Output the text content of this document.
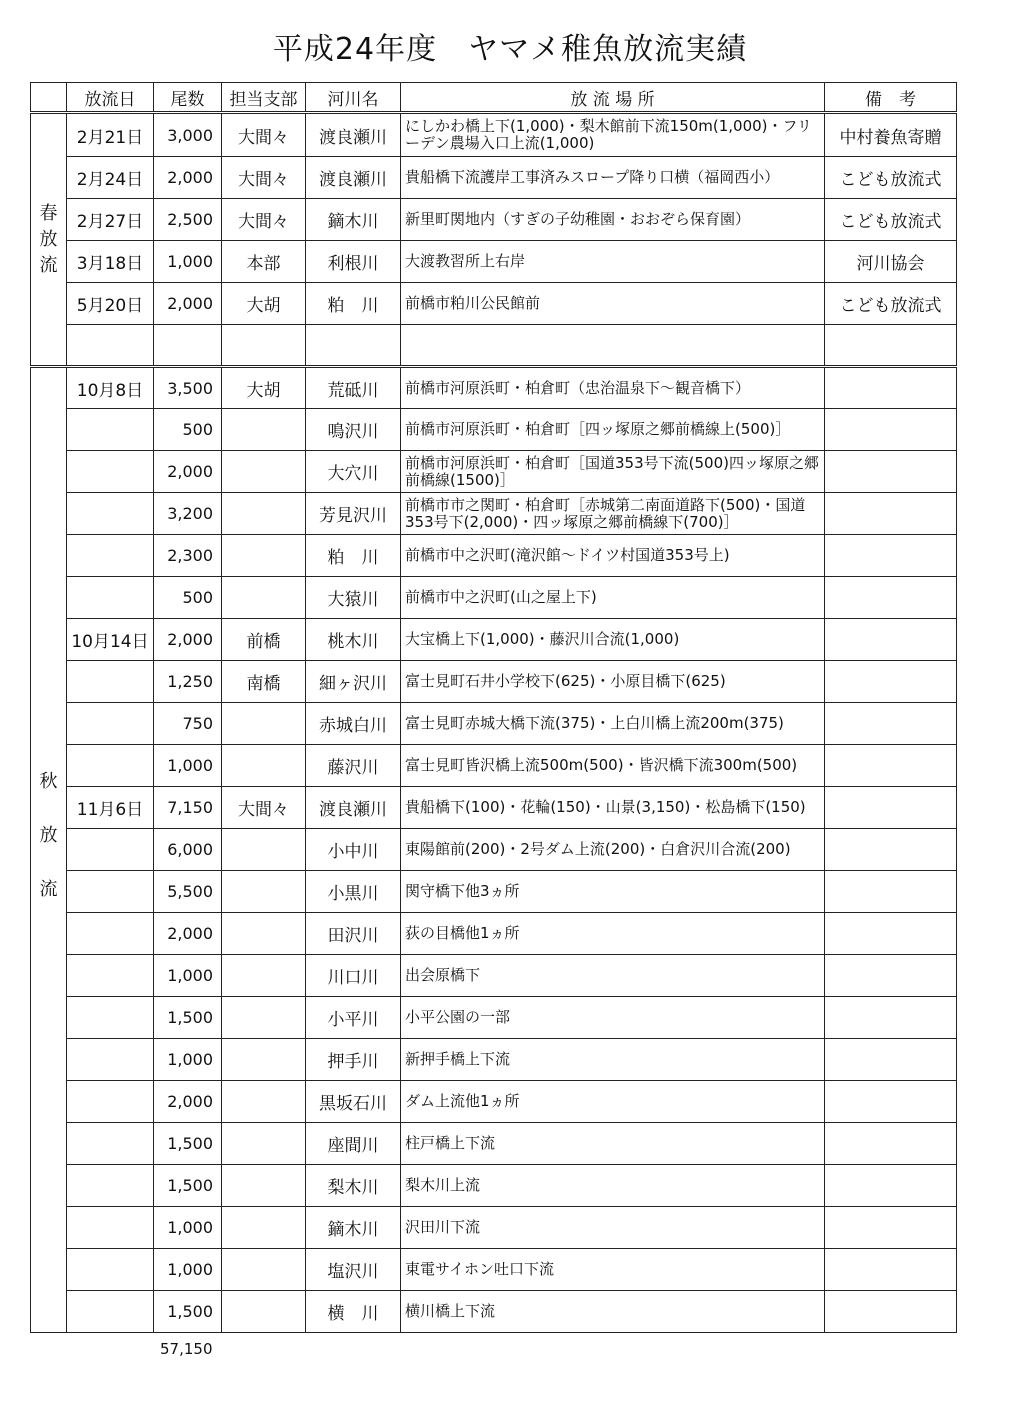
平成24年度　ヤマメ稚魚放流実績
	放流日	尾数	担当支部	河川名	放 流 場 所	備　考

春
放
流	2月21日	3,000	大間々	渡良瀬川	にしかわ橋上下(1,000)・梨木館前下流150m(1,000)・フリーデン農場入口上流(1,000)	中村養魚寄贈
	2月24日	2,000	大間々	渡良瀬川	貴船橋下流護岸工事済みスロープ降り口横（福岡西小）	こども放流式
	2月27日	2,500	大間々	鏑木川	新里町関地内（すぎの子幼稚園・おおぞら保育園）	こども放流式
	3月18日	1,000	本部	利根川	大渡教習所上右岸	河川協会
	5月20日	2,000	大胡	粕　川	前橋市粕川公民館前	こども放流式

秋
放
流	10月8日	3,500	大胡	荒砥川	前橋市河原浜町・柏倉町（忠治温泉下～観音橋下）	
		500		鳴沢川	前橋市河原浜町・柏倉町［四ッ塚原之郷前橋線上(500)］	
		2,000		大穴川	前橋市河原浜町・柏倉町［国道353号下流(500)四ッ塚原之郷前橋線(1500)］	
		3,200		芳見沢川	前橋市市之関町・柏倉町［赤城第二南面道路下(500)・国道353号下(2,000)・四ッ塚原之郷前橋線下(700)］	
		2,300		粕　川	前橋市中之沢町(滝沢館～ドイツ村国道353号上)	
		500		大猿川	前橋市中之沢町(山之屋上下)	
	10月14日	2,000	前橋	桃木川	大宝橋上下(1,000)・藤沢川合流(1,000)	
		1,250	南橋	細ヶ沢川	富士見町石井小学校下(625)・小原目橋下(625)	
		750		赤城白川	富士見町赤城大橋下流(375)・上白川橋上流200m(375)	
		1,000		藤沢川	富士見町皆沢橋上流500m(500)・皆沢橋下流300m(500)	
	11月6日	7,150	大間々	渡良瀬川	貴船橋下(100)・花輪(150)・山景(3,150)・松島橋下(150)	
		6,000		小中川	東陽館前(200)・2号ダム上流(200)・白倉沢川合流(200)	
		5,500		小黒川	関守橋下他3ヵ所	
		2,000		田沢川	荻の目橋他1ヵ所	
		1,000		川口川	出会原橋下	
		1,500		小平川	小平公園の一部	
		1,000		押手川	新押手橋上下流	
		2,000		黒坂石川	ダム上流他1ヵ所	
		1,500		座間川	柱戸橋上下流	
		1,500		梨木川	梨木川上流	
		1,000		鏑木川	沢田川下流	
		1,000		塩沢川	東電サイホン吐口下流	
		1,500		横　川	横川橋上下流	
57,150
